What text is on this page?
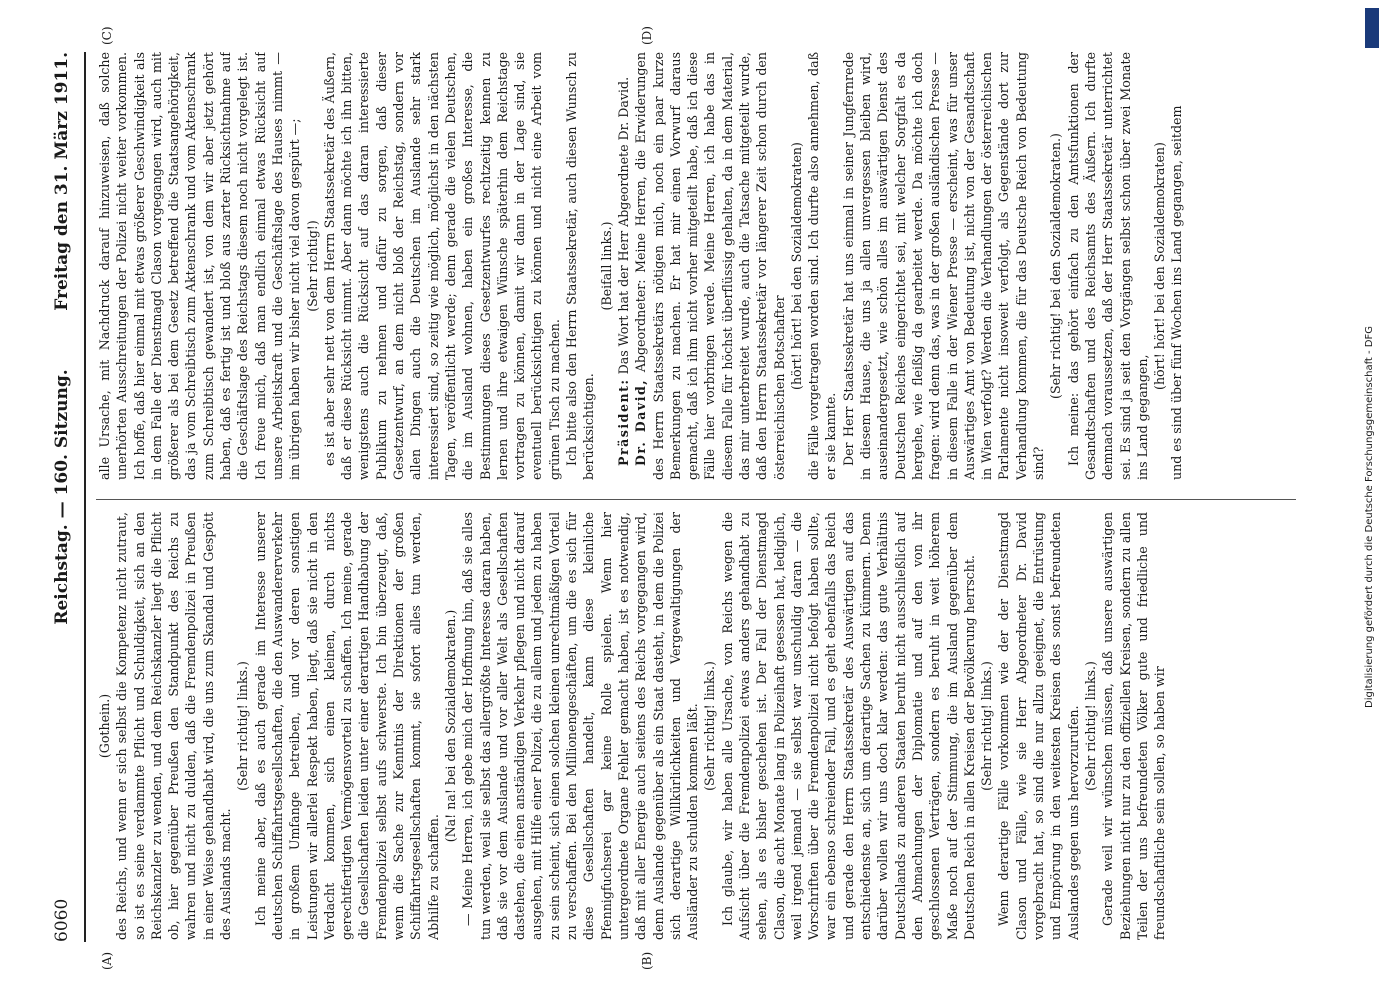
6060
Reichstag. — 160. Sitzung.
Freitag den 31. März 1911.
(A)	(B)
(C)	(D)

(Gothein.) des Reichs, und wenn er sich selbst die Kompetenz nicht zutraut, so ist es seine verdammte Pflicht und Schuldigkeit, sich an den Reichskanzler zu wenden, und dem Reichskanzler liegt die Pflicht ob, hier gegenüber Preußen den Standpunkt des Reichs zu wahren und nicht zu dulden, daß die Fremdenpolizei in Preußen in einer Weise gehandhabt wird, die uns zum Skandal und Gespött des Auslands macht.

(Sehr richtig! links.) Ich meine aber, daß es auch gerade im Interesse unserer deutschen Schiffahrtsgesellschaften, die den Auswandererverkehr in großem Umfange betreiben, und vor deren sonstigen Leistungen wir allerlei Respekt haben, liegt, daß sie nicht in den Verdacht kommen, sich einen kleinen, durch nichts gerechtfertigten Vermögensvorteil zu schaffen. Ich meine, gerade die Gesellschaften leiden unter einer derartigen Handhabung der Fremdenpolizei selbst aufs schwerste. Ich bin überzeugt, daß, wenn die Sache zur Kenntnis der Direktionen der großen Schiffahrtsgesellschaften kommt, sie sofort alles tun werden, Abhilfe zu schaffen.

(Na! na! bei den Sozialdemokraten.) — Meine Herren, ich gebe mich der Hoffnung hin, daß sie alles tun werden, weil sie selbst das allergrößte Interesse daran haben, daß sie vor dem Auslande und vor aller Welt als Gesellschaften dastehen, die einen anständigen Verkehr pflegen und nicht darauf ausgehen, mit Hilfe einer Polizei, die zu allem und jedem zu haben zu sein scheint, sich einen solchen kleinen unrechtmäßigen Vorteil zu verschaffen. Bei den Millionengeschäften, um die es sich für diese Gesellschaften handelt, kann diese kleinliche Pfennigfuchserei gar keine Rolle spielen. Wenn hier untergeordnete Organe Fehler gemacht haben, ist es notwendig, daß mit aller Energie auch seitens des Reichs vorgegangen wird, denn Auslande gegenüber als ein Staat dasteht, in dem die Polizei sich derartige Willkürlichkeiten und Vergewaltigungen der Ausländer zu schulden kommen läßt. (Sehr richtig! links.) Ich glaube, wir haben alle Ursache, von Reichs wegen die Aufsicht über die Fremdenpolizei etwas anders gehandhabt zu sehen, als es bisher geschehen ist. Der Fall der Dienstmagd Clason, die acht Monate lang in Polizeihaft gesessen hat, lediglich, weil irgend jemand — sie selbst war unschuldig daran — die Vorschriften über die Fremdenpolizei nicht befolgt haben sollte, war ein ebenso schreiender Fall, und es geht ebenfalls das Reich und gerade den Herrn Staatssekretär des Auswärtigen auf das entschiedenste an, sich um derartige Sachen zu kümmern. Denn darüber wollen wir uns doch klar werden: das gute Verhältnis Deutschlands zu anderen Staaten beruht nicht ausschließlich auf den Abmachungen der Diplomatie und auf den von ihr geschlossenen Verträgen, sondern es beruht in weit höherem Maße noch auf der Stimmung, die im Ausland gegenüber dem Deutschen Reich in allen Kreisen der Bevölkerung herrscht. (Sehr richtig! links.) Wenn derartige Fälle vorkommen wie der der Dienstmagd Clason und Fälle, wie sie Herr Abgeordneter Dr. David vorgebracht hat, so sind die nur allzu geeignet, die Entrüstung und Empörung in den weitesten Kreisen des sonst befreundeten Auslandes gegen uns hervorzurufen. (Sehr richtig! links.) Gerade weil wir wünschen müssen, daß unsere auswärtigen Beziehungen nicht nur zu den offiziellen Kreisen, sondern zu allen Teilen der uns befreundeten Völker gute und friedliche und freundschaftliche sein sollen, so haben wir

alle Ursache, mit Nachdruck darauf hinzuweisen, daß solche unerhörten Ausschreitungen der Polizei nicht weiter vorkommen. Ich hoffe, daß hier einmal mit etwas größerer Geschwindigkeit als in dem Falle der Dienstmagd Clason vorgegangen wird, auch mit größerer als bei dem Gesetz betreffend die Staatsangehörigkeit, das ja vom Schreibtisch zum Aktenschrank und vom Aktenschrank zum Schreibtisch gewandert ist, von dem wir aber jetzt gehört haben, daß es fertig ist und bloß aus zarter Rücksichtnahme auf die Geschäftslage des Reichstags diesem noch nicht vorgelegt ist. Ich freue mich, daß man endlich einmal etwas Rücksicht auf unsere Arbeitskraft und die Geschäftslage des Hauses nimmt — im übrigen haben wir bisher nicht viel davon gespürt —; (Sehr richtig!) es ist aber sehr nett von dem Herrn Staatssekretär des Äußern, daß er diese Rücksicht nimmt. Aber dann möchte ich ihn bitten, wenigstens auch die Rücksicht auf das daran interessierte Publikum zu nehmen und dafür zu sorgen, daß dieser Gesetzentwurf, an dem nicht bloß der Reichstag, sondern vor allen Dingen auch die Deutschen im Auslande sehr stark interessiert sind, so zeitig wie möglich, möglichst in den nächsten Tagen, veröffentlicht werde; denn gerade die vielen Deutschen, die im Ausland wohnen, haben ein großes Interesse, die Bestimmungen dieses Gesetzentwurfes rechtzeitig kennen zu lernen und ihre etwaigen Wünsche späterhin dem Reichstage vortragen zu können, damit wir dann in der Lage sind, sie eventuell berücksichtigen zu können und nicht eine Arbeit vom grünen Tisch zu machen. Ich bitte also den Herrn Staatssekretär, auch diesen Wunsch zu berücksichtigen.

(Beifall links.)

Präsident: Das Wort hat der Herr Abgeordnete Dr. David.

Dr. David, Abgeordneter: Meine Herren, die Erwiderungen des Herrn Staatssekretärs nötigen mich, noch ein paar kurze Bemerkungen zu machen. Er hat mir einen Vorwurf daraus gemacht, daß ich ihm nicht vorher mitgeteilt habe, daß ich diese Fälle hier vorbringen werde. Meine Herren, ich habe das in diesem Falle für höchst überflüssig gehalten, da in dem Material, das mir unterbreitet wurde, auch die Tatsache mitgeteilt wurde, daß den Herrn Staatssekretär vor längerer Zeit schon durch den österreichischen Botschafter (hört! hört! bei den Sozialdemokraten) die Fälle vorgetragen worden sind. Ich durfte also annehmen, daß er sie kannte. Der Herr Staatssekretär hat uns einmal in seiner Jungfernrede in diesem Hause, die uns ja allen unvergessen bleiben wird, auseinandergesetzt, wie schön alles im auswärtigen Dienst des Deutschen Reiches eingerichtet sei, mit welcher Sorgfalt es da hergehe, wie fleißig da gearbeitet werde. Da möchte ich doch fragen: wird denn das, was in der großen ausländischen Presse — in diesem Falle in der Wiener Presse — erscheint, was für unser Auswärtiges Amt von Bedeutung ist, nicht von der Gesandtschaft in Wien verfolgt? Werden die Verhandlungen der österreichischen Parlamente nicht insoweit verfolgt, als Gegenstände dort zur Verhandlung kommen, die für das Deutsche Reich von Bedeutung sind?

(Sehr richtig! bei den Sozialdemokraten.) Ich meine: das gehört einfach zu den Amtsfunktionen der Gesandtschaften und des Reichsamts des Äußern. Ich durfte demnach voraussetzen, daß der Herr Staatssekretär unterrichtet sei. Es sind ja seit den Vorgängen selbst schon über zwei Monate ins Land gegangen,

(hört! hört! bei den Sozialdemokraten) und es sind über fünf Wochen ins Land gegangen, seitdem

Digitalisierung gefördert durch die Deutsche Forschungsgemeinschaft - DFG
